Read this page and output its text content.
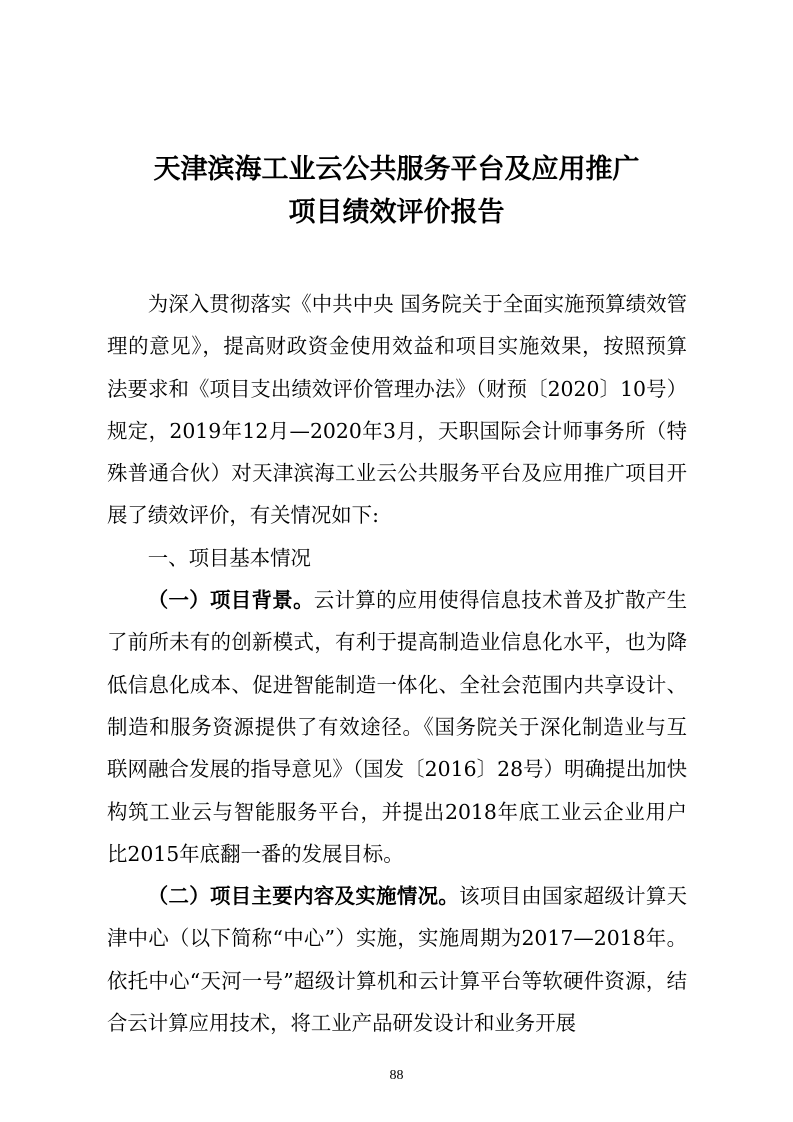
天津滨海工业云公共服务平台及应用推广
项目绩效评价报告

为深入贯彻落实《中共中央 国务院关于全面实施预算绩效管理的意见》，提高财政资金使用效益和项目实施效果，按照预算法要求和《项目支出绩效评价管理办法》（财预〔2020〕10号）规定，2019年12月—2020年3月，天职国际会计师事务所（特殊普通合伙）对天津滨海工业云公共服务平台及应用推广项目开展了绩效评价，有关情况如下:

一、项目基本情况

（一）项目背景。云计算的应用使得信息技术普及扩散产生了前所未有的创新模式，有利于提高制造业信息化水平，也为降低信息化成本、促进智能制造一体化、全社会范围内共享设计、制造和服务资源提供了有效途径。《国务院关于深化制造业与互联网融合发展的指导意见》（国发〔2016〕28号）明确提出加快构筑工业云与智能服务平台，并提出2018年底工业云企业用户比2015年底翻一番的发展目标。

（二）项目主要内容及实施情况。该项目由国家超级计算天津中心（以下简称“中心”）实施，实施周期为2017—2018年。依托中心“天河一号”超级计算机和云计算平台等软硬件资源，结合云计算应用技术，将工业产品研发设计和业务开展

88
